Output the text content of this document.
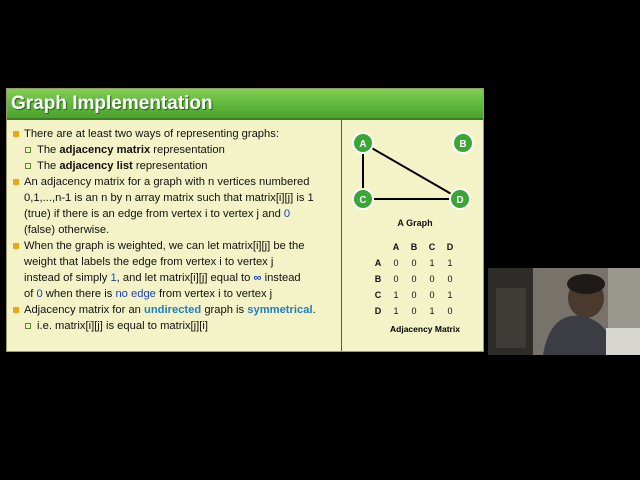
Graph Implementation
There are at least two ways of representing graphs:
The adjacency matrix representation
The adjacency list representation
An adjacency matrix for a graph with n vertices numbered
0,1,...,n-1 is an n by n array matrix such that matrix[i][j] is 1
(true) if there is an edge from vertex i to vertex j and 0
(false) otherwise.
When the graph is weighted, we can let matrix[i][j] be the
weight that labels the edge from vertex i to vertex j
instead of simply 1, and let matrix[i][j] equal to ∞ instead
of 0 when there is no edge from vertex i to vertex j
Adjacency matrix for an undirected graph is symmetrical.
i.e. matrix[i][j] is equal to matrix[j][i]
A	B
C	D
A Graph
	A	B	C	D
A	0	0	1	1
B	0	0	0	0
C	1	0	0	1
D	1	0	1	0
Adjacency Matrix
